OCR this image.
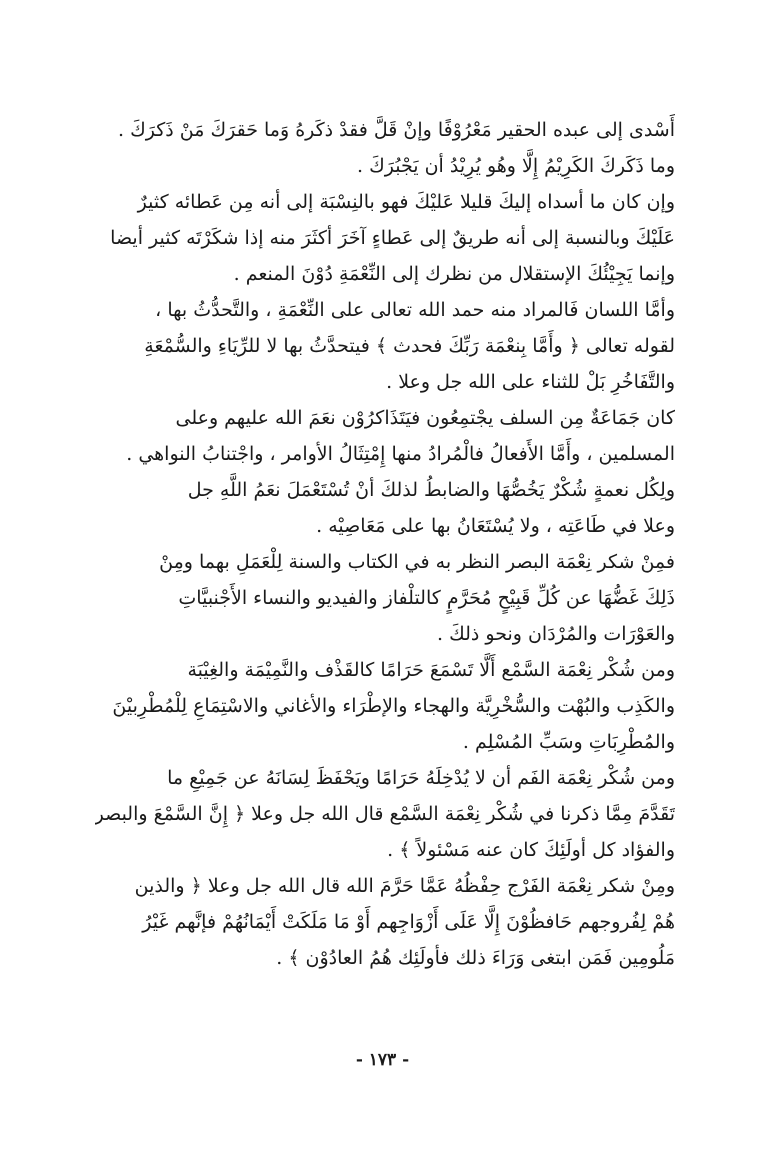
أَسْدى إلى عبده الحقير مَعْرُوْفًا وإنْ قَلَّ فقدْ ذكَرهُ وَما حَقرَكَ مَنْ ذَكرَكَ .
وما ذَكَركَ الكَرِيْمُ إِلَّا وهُو يُرِيْدُ أن يَجْبُرَكَ .
وإن كان ما أسداه إليكَ قليلا عَليْكَ فهو بالنِسْبَة إلى أنه مِن عَطائه كثيرٌ
عَلَيْكَ وبالنسبة إلى أنه طريقٌ إلى عَطاءٍ آخَرَ أكثَرَ منه إذا شكَرْتَه كثير أيضا
وإنما يَجِيْئُكَ الإستقلال من نظرك إلى النِّعْمَةِ دُوْنَ المنعم .
وأمَّا اللسان فَالمراد منه حمد الله تعالى على النِّعْمَةِ ، والتَّحدُّثُ بها ،
لقوله تعالى ﴿ وأَمَّا بِنعْمَة رَبِّكَ فحدث ﴾ فيتحدَّثُ بها لا للرِّيَاءِ والسُّمْعَةِ
والتَّفَاخُرِ بَلْ للثناء على الله جل وعلا .
كان جَمَاعَةٌ مِن السلف يجْتمِعُون فيَتَذَاكرُوْن نعَمَ الله عليهم وعلى
المسلمين ، وأَمَّا الأَفعالُ فالْمُرادُ منها إِمْتِثَالُ الأوامر ، واجْتنابُ النواهي .
ولِكُل نعمةٍ شُكْرٌ يَخُصُّهَا والضابطُ لذلكَ أنْ تُسْتَعْمَلَ نعَمُ اللَّهِ جل
وعلا في طَاعَتِه ، ولا يُسْتَعَانُ بها على مَعَاصِيْه .
فمِنْ شكر نِعْمَة البصر النظر به في الكتاب والسنة لِلْعَمَلِ بهما ومِنْ
ذَلِكَ غَضُّهَا عن كُلِّ قَبِيْحٍ مُحَرَّمٍ كالتلْفاز والفيديو والنساء الأَجْنبيَّاتِ
والعَوْرَات والمُرْدَان ونحو ذلكَ .
ومن شُكْر نِعْمَة السَّمْع أَلَّا تَسْمَعَ حَرَامًا كالقَذْف والنَّمِيْمَة والغِيْبَة
والكَذِب والبُهْت والسُّخْرِيَّة والهجاء والإطْرَاء والأغاني والاسْتِمَاعِ لِلْمُطْرِبيْنَ
والمُطْرِبَاتِ وسَبِّ المُسْلِم .
ومن شُكْر نِعْمَة الفَم أن لا يُدْخِلَهُ حَرَامًا ويَحْفَظَ لِسَانَهُ عن جَمِيْعِ ما
تَقَدَّمَ مِمَّا ذكرنا في شُكْر نِعْمَة السَّمْع قال الله جل وعلا ﴿ إِنَّ السَّمْعَ والبصر
والفؤاد كل أولَئِكَ كان عنه مَسْئولاً ﴾ .
ومِنْ شكر نِعْمَة الفَرْج حِفْظُهُ عَمَّا حَرَّمَ الله قال الله جل وعلا ﴿ والذين
هُمْ لِفُروجهم حَافظُوْنَ إِلَّا عَلَى أَزْوَاجِهم أَوْ مَا مَلَكَتْ أَيْمَانُهُمْ فإنَّهم غَيْرُ
مَلُومِين فَمَن ابتغى وَرَاءَ ذلك فأولَئِك هُمُ العادُوْن ﴾ .
- ١٧٣ -
